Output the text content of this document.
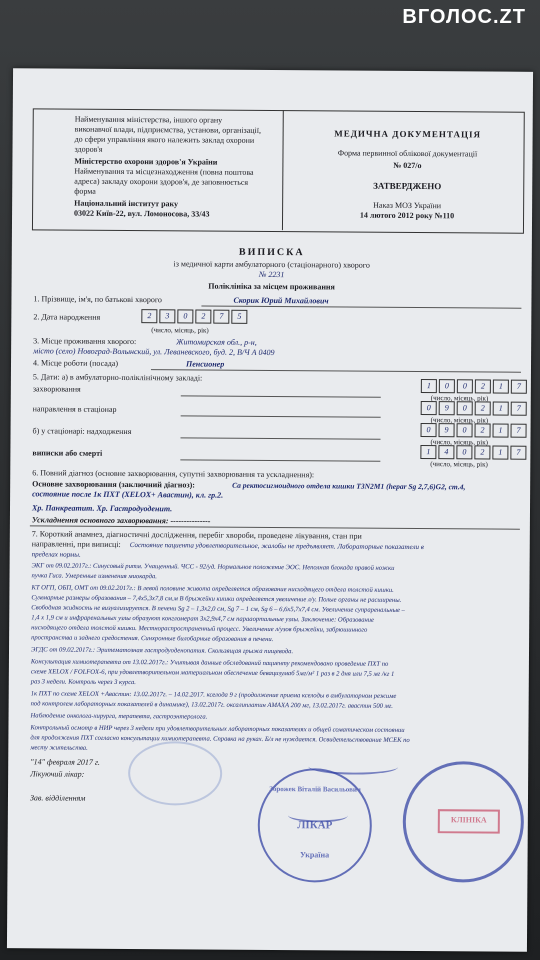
ВГОЛОС.ZT
Найменування міністерства, іншого органу
виконавчої влади, підприємства, установи, організації,
до сфери управління якого належить заклад охорони
здоров'я
Міністерство охорони здоров'я України
Найменування та місцезнаходження (повна поштова
адреса) закладу охорони здоров'я, де заповнюється
форма
Національний інститут раку
03022 Київ-22, вул. Ломоносова, 33/43
МЕДИЧНА ДОКУМЕНТАЦІЯ
Форма первинної облікової документації
№ 027/о
ЗАТВЕРДЖЕНО
Наказ МОЗ України
14 лютого 2012 року №110
ВИПИСКА
із медичної карти амбулаторного (стаціонарного) хворого
№ 2231
Поліклініка за місцем проживання
1. Прізвище, ім'я, по батькові хворого	Скорик Юрий Михайлович
2. Дата народження	2	3	0	2	7	5
(число, місяць, рік)
3. Місце проживання хворого:	Житомирская обл., р-н,
місто (село) Новоград-Волынский, ул. Леваневского, буд. 2, В/Ч А 0409
4. Місце роботи (посада)	Пенсионер
5. Дати: а) в амбулаторно-поліклінічному закладі:
захворювання	1	0	0	2	1	7
(число, місяць, рік)
направлення в стаціонар	0	9	0	2	1	7
(число, місяць, рік)
б) у стаціонарі: надходження	0	9	0	2	1	7
(число, місяць, рік)
виписки або смерті	1	4	0	2	1	7
(число, місяць, рік)
6. Повний діагноз (основне захворювання, супутні захворювання та ускладнення):
Основне захворювання (заключний діагноз):	Cа ректосигмоидного отдела кишки T3N2M1 (hepar Sg 2,7,6)G2, ст.4,
состояние после 1к ПХТ (XELOX+ Авастин), кл. гр.2.
Хр. Панкреатит. Хр. Гастродуоденит.
Ускладнення основного захворювання: ---------------
7. Короткий анамнез, діагностичні дослідження, перебіг хвороби, проведене лікування, стан при
направленні, при виписці: Состояние пациента удовлетворительное, жалобы не предъявляет. Лабораторные показатели в
пределах нормы.
ЭКГ от 09.02.2017г.: Синусовый ритм. Учащенный. ЧСС - 92/уд. Нормальное положение ЭОС. Неполная блокада правой ножки
пучка Гиса. Умеренные изменения миокарда.
КТ ОГП, ОБП, ОМТ от 09.02.2017г.: В левой половине живота определяется образование нисходящего отдела толстой кишки.
Суммарные размеры образования – 7,4х5,3х7,8 см.м В брыжейки кишки определяется увеличение л/у. Полые органы не расширены.
Свободная жидкость не визуализируется. В печени Sg 2 – 1,3х2,0 см, Sg 7 – 1 см, Sg 6 – 6,6х5,7х7,4 см. Увеличение супраренальные –
1,4 х 1,9 см и инфраренальных узлы образуют конгломерат 3х2,9х4,7 см парааортальные узлы. Заключение: Образование
нисходящего отдела толстой кишки. Местнораспространенный процесс. Увеличение л/узов брыжейки, забрюшинного
пространства и заднего средостения. Синхронные билобарные образования в печени.
ЭГДС от 09.02.2017г.: Эритематозная гастродуоденопатия. Скользящая грыжа пищевода.
Консультация химиотерапевта от 13.02.2017г.: Учитывая данные обследований пациенту рекомендовано проведение ПХТ по
схеме XELOX / FOLFOX-6, при удовлетворительном материальном обеспечение бевацизумаб 5мг/м² 1 раз в 2 дня или 7,5 мг /кг 1
раз 3 недели. Контроль через 3 курса.
1к ПХТ по схеме XELOX +Авастин: 13.02.2017г. – 14.02.2017. кселода 9 г (продолжение приема кселоды в амбулаторном режиме
под контролем лабораторных показателей в динамике), 13.02.2017г. оксалиплатин АМАХА 200 мг, 13.02.2017г. авастин 500 мг.
Наблюдение онколога-хирурга, терапевта, гастроэнтеролога.
Контрольный осмотр в НИР через 3 недели при удовлетворительных лабораторных показателях и общей соматическом состоянии
для продолжения ПХТ согласно консультации химиотерапевта. Справка на руках. Б/л не нуждается. Освидетельствование МСЕК по
месту жительства.
"14" февраля 2017 г.
Лікуючий лікар:
Зав. відділенням
Зброжек Віталій Васильович
ЛІКАР
Україна
КЛІНІКА
